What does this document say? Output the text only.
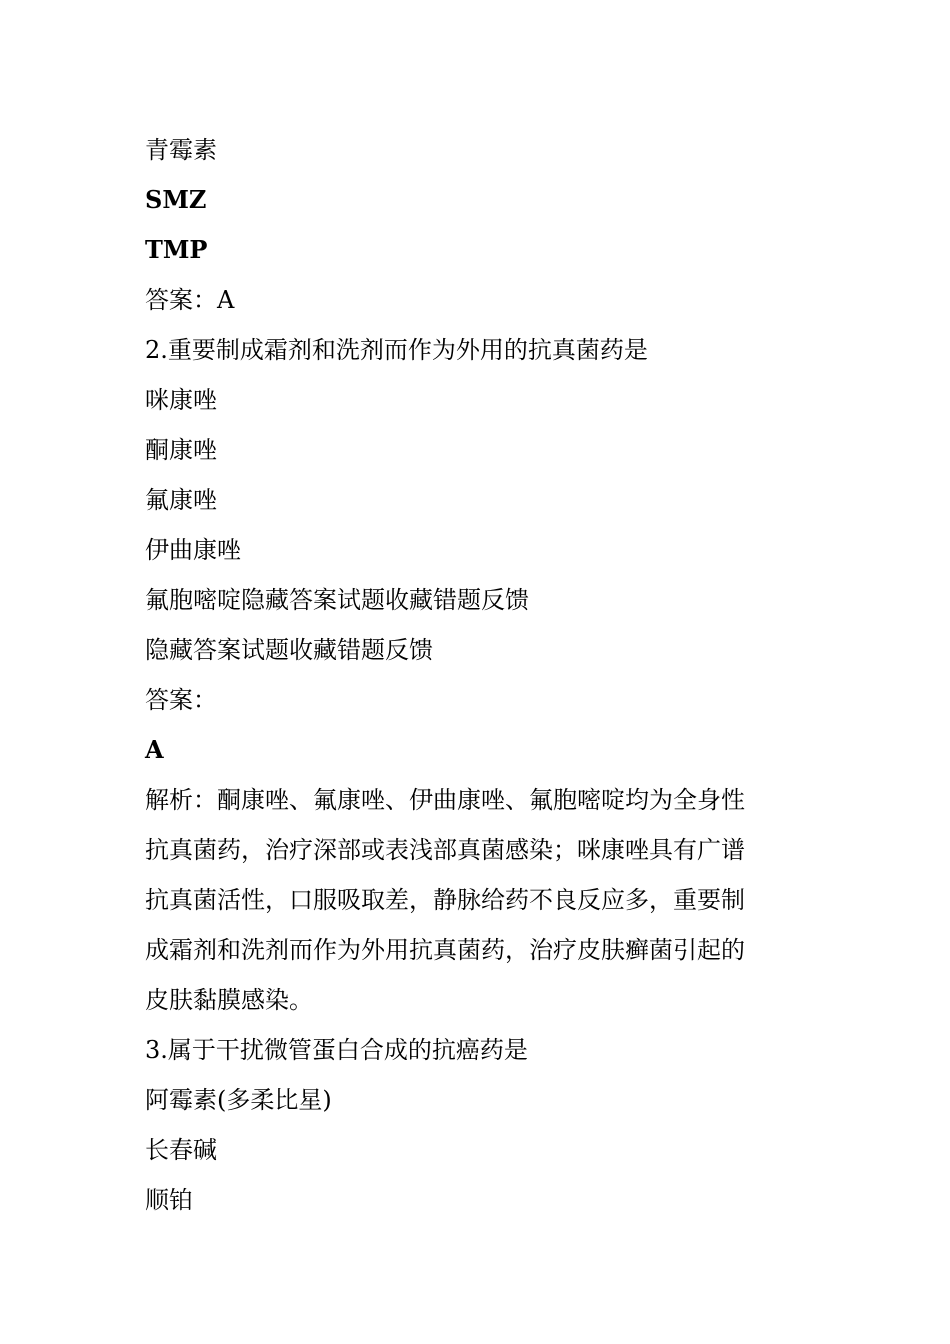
青霉素
SMZ
TMP
答案：A
2.重要制成霜剂和洗剂而作为外用的抗真菌药是
咪康唑
酮康唑
氟康唑
伊曲康唑
氟胞嘧啶隐藏答案试题收藏错题反馈
隐藏答案试题收藏错题反馈
答案：
A
解析：酮康唑、氟康唑、伊曲康唑、氟胞嘧啶均为全身性
抗真菌药，治疗深部或表浅部真菌感染；咪康唑具有广谱
抗真菌活性，口服吸取差，静脉给药不良反应多，重要制
成霜剂和洗剂而作为外用抗真菌药，治疗皮肤癣菌引起的
皮肤黏膜感染。
3.属于干扰微管蛋白合成的抗癌药是
阿霉素(多柔比星)
长春碱
顺铂
